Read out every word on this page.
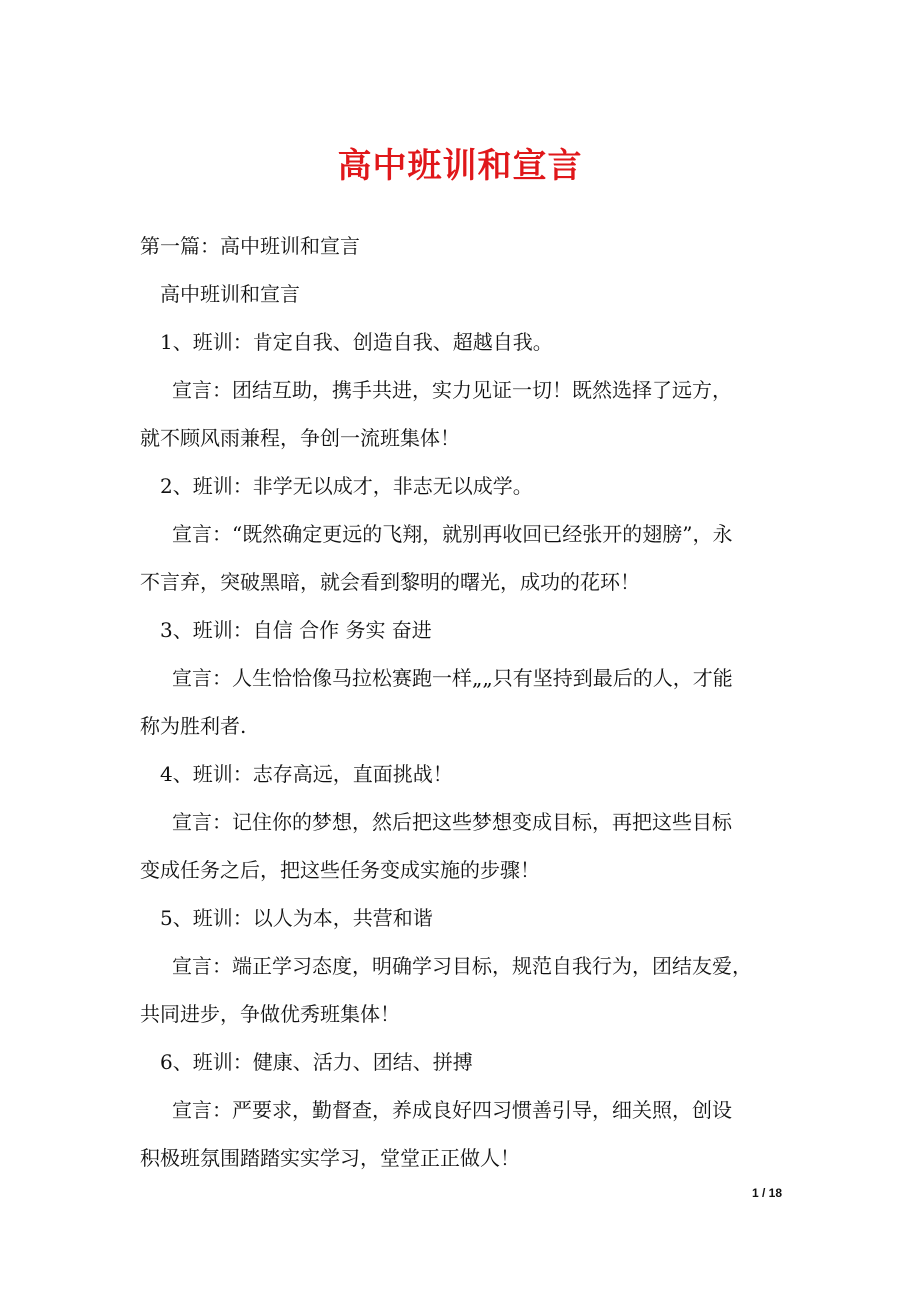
高中班训和宣言

第一篇：高中班训和宣言

高中班训和宣言

1、班训：肯定自我、创造自我、超越自我。

宣言：团结互助，携手共进，实力见证一切！既然选择了远方，

就不顾风雨兼程，争创一流班集体！

2、班训：非学无以成才，非志无以成学。

宣言：“既然确定更远的飞翔，就别再收回已经张开的翅膀”，永

不言弃，突破黑暗，就会看到黎明的曙光，成功的花环！

3、班训：自信 合作 务实 奋进

宣言：人生恰恰像马拉松赛跑一样„„只有坚持到最后的人，才能

称为胜利者.

4、班训：志存高远，直面挑战！

宣言：记住你的梦想，然后把这些梦想变成目标，再把这些目标

变成任务之后，把这些任务变成实施的步骤！

5、班训：以人为本，共营和谐

宣言：端正学习态度，明确学习目标，规范自我行为，团结友爱，

共同进步，争做优秀班集体！

6、班训：健康、活力、团结、拼搏

宣言：严要求，勤督查，养成良好四习惯善引导，细关照，创设

积极班氛围踏踏实实学习，堂堂正正做人！

1 / 18
